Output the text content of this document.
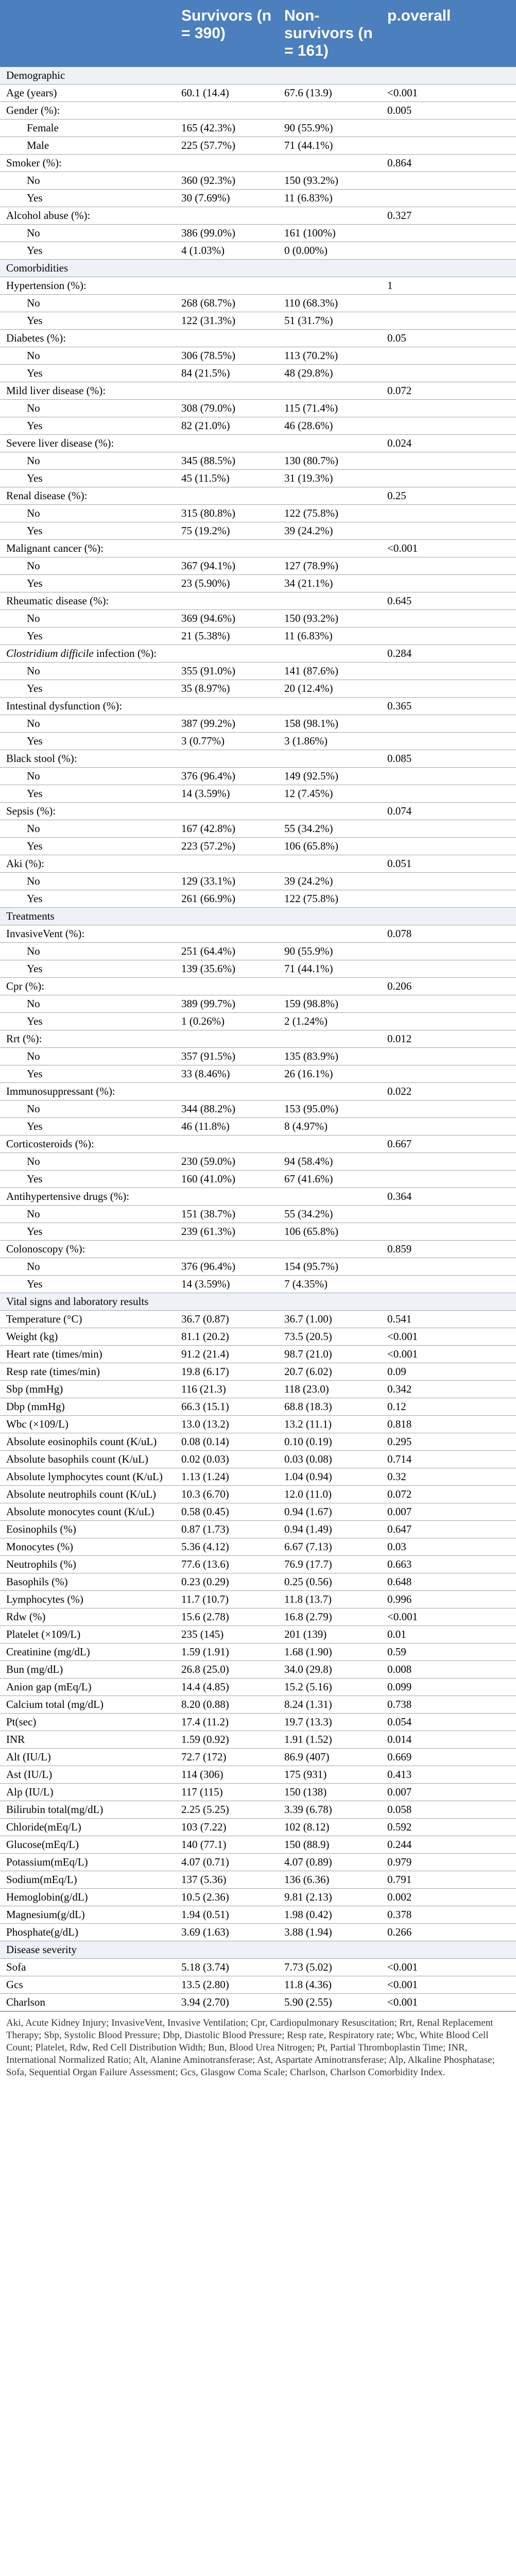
	Survivors (n = 390)	Non-survivors (n = 161)	p.overall
Demographic			
Age (years)	60.1 (14.4)	67.6 (13.9)	<0.001
Gender (%):			0.005
Female	165 (42.3%)	90 (55.9%)	
Male	225 (57.7%)	71 (44.1%)	
Smoker (%):			0.864
No	360 (92.3%)	150 (93.2%)	
Yes	30 (7.69%)	11 (6.83%)	
Alcohol abuse (%):			0.327
No	386 (99.0%)	161 (100%)	
Yes	4 (1.03%)	0 (0.00%)	
Comorbidities			
Hypertension (%):			1
No	268 (68.7%)	110 (68.3%)	
Yes	122 (31.3%)	51 (31.7%)	
Diabetes (%):			0.05
No	306 (78.5%)	113 (70.2%)	
Yes	84 (21.5%)	48 (29.8%)	
Mild liver disease (%):			0.072
No	308 (79.0%)	115 (71.4%)	
Yes	82 (21.0%)	46 (28.6%)	
Severe liver disease (%):			0.024
No	345 (88.5%)	130 (80.7%)	
Yes	45 (11.5%)	31 (19.3%)	
Renal disease (%):			0.25
No	315 (80.8%)	122 (75.8%)	
Yes	75 (19.2%)	39 (24.2%)	
Malignant cancer (%):			<0.001
No	367 (94.1%)	127 (78.9%)	
Yes	23 (5.90%)	34 (21.1%)	
Rheumatic disease (%):			0.645
No	369 (94.6%)	150 (93.2%)	
Yes	21 (5.38%)	11 (6.83%)	
Clostridium difficile infection (%):			0.284
No	355 (91.0%)	141 (87.6%)	
Yes	35 (8.97%)	20 (12.4%)	
Intestinal dysfunction (%):			0.365
No	387 (99.2%)	158 (98.1%)	
Yes	3 (0.77%)	3 (1.86%)	
Black stool (%):			0.085
No	376 (96.4%)	149 (92.5%)	
Yes	14 (3.59%)	12 (7.45%)	
Sepsis (%):			0.074
No	167 (42.8%)	55 (34.2%)	
Yes	223 (57.2%)	106 (65.8%)	
Aki (%):			0.051
No	129 (33.1%)	39 (24.2%)	
Yes	261 (66.9%)	122 (75.8%)	
Treatments			
InvasiveVent (%):			0.078
No	251 (64.4%)	90 (55.9%)	
Yes	139 (35.6%)	71 (44.1%)	
Cpr (%):			0.206
No	389 (99.7%)	159 (98.8%)	
Yes	1 (0.26%)	2 (1.24%)	
Rrt (%):			0.012
No	357 (91.5%)	135 (83.9%)	
Yes	33 (8.46%)	26 (16.1%)	
Immunosuppressant (%):			0.022
No	344 (88.2%)	153 (95.0%)	
Yes	46 (11.8%)	8 (4.97%)	
Corticosteroids (%):			0.667
No	230 (59.0%)	94 (58.4%)	
Yes	160 (41.0%)	67 (41.6%)	
Antihypertensive drugs (%):			0.364
No	151 (38.7%)	55 (34.2%)	
Yes	239 (61.3%)	106 (65.8%)	
Colonoscopy (%):			0.859
No	376 (96.4%)	154 (95.7%)	
Yes	14 (3.59%)	7 (4.35%)	
Vital signs and laboratory results			
Temperature (°C)	36.7 (0.87)	36.7 (1.00)	0.541
Weight (kg)	81.1 (20.2)	73.5 (20.5)	<0.001
Heart rate (times/min)	91.2 (21.4)	98.7 (21.0)	<0.001
Resp rate (times/min)	19.8 (6.17)	20.7 (6.02)	0.09
Sbp (mmHg)	116 (21.3)	118 (23.0)	0.342
Dbp (mmHg)	66.3 (15.1)	68.8 (18.3)	0.12
Wbc (×109/L)	13.0 (13.2)	13.2 (11.1)	0.818
Absolute eosinophils count (K/uL)	0.08 (0.14)	0.10 (0.19)	0.295
Absolute basophils count (K/uL)	0.02 (0.03)	0.03 (0.08)	0.714
Absolute lymphocytes count (K/uL)	1.13 (1.24)	1.04 (0.94)	0.32
Absolute neutrophils count (K/uL)	10.3 (6.70)	12.0 (11.0)	0.072
Absolute monocytes count (K/uL)	0.58 (0.45)	0.94 (1.67)	0.007
Eosinophils (%)	0.87 (1.73)	0.94 (1.49)	0.647
Monocytes (%)	5.36 (4.12)	6.67 (7.13)	0.03
Neutrophils (%)	77.6 (13.6)	76.9 (17.7)	0.663
Basophils (%)	0.23 (0.29)	0.25 (0.56)	0.648
Lymphocytes (%)	11.7 (10.7)	11.8 (13.7)	0.996
Rdw (%)	15.6 (2.78)	16.8 (2.79)	<0.001
Platelet (×109/L)	235 (145)	201 (139)	0.01
Creatinine (mg/dL)	1.59 (1.91)	1.68 (1.90)	0.59
Bun (mg/dL)	26.8 (25.0)	34.0 (29.8)	0.008
Anion gap (mEq/L)	14.4 (4.85)	15.2 (5.16)	0.099
Calcium total (mg/dL)	8.20 (0.88)	8.24 (1.31)	0.738
Pt(sec)	17.4 (11.2)	19.7 (13.3)	0.054
INR	1.59 (0.92)	1.91 (1.52)	0.014
Alt (IU/L)	72.7 (172)	86.9 (407)	0.669
Ast (IU/L)	114 (306)	175 (931)	0.413
Alp (IU/L)	117 (115)	150 (138)	0.007
Bilirubin total(mg/dL)	2.25 (5.25)	3.39 (6.78)	0.058
Chloride(mEq/L)	103 (7.22)	102 (8.12)	0.592
Glucose(mEq/L)	140 (77.1)	150 (88.9)	0.244
Potassium(mEq/L)	4.07 (0.71)	4.07 (0.89)	0.979
Sodium(mEq/L)	137 (5.36)	136 (6.36)	0.791
Hemoglobin(g/dL)	10.5 (2.36)	9.81 (2.13)	0.002
Magnesium(g/dL)	1.94 (0.51)	1.98 (0.42)	0.378
Phosphate(g/dL)	3.69 (1.63)	3.88 (1.94)	0.266
Disease severity			
Sofa	5.18 (3.74)	7.73 (5.02)	<0.001
Gcs	13.5 (2.80)	11.8 (4.36)	<0.001
Charlson	3.94 (2.70)	5.90 (2.55)	<0.001
Aki, Acute Kidney Injury; InvasiveVent, Invasive Ventilation; Cpr, Cardiopulmonary Resuscitation; Rrt, Renal Replacement Therapy; Sbp, Systolic Blood Pressure; Dbp, Diastolic Blood Pressure; Resp rate, Respiratory rate; Wbc, White Blood Cell Count; Platelet, Rdw, Red Cell Distribution Width; Bun, Blood Urea Nitrogen; Pt, Partial Thromboplastin Time; INR, International Normalized Ratio; Alt, Alanine Aminotransferase; Ast, Aspartate Aminotransferase; Alp, Alkaline Phosphatase; Sofa, Sequential Organ Failure Assessment; Gcs, Glasgow Coma Scale; Charlson, Charlson Comorbidity Index.
